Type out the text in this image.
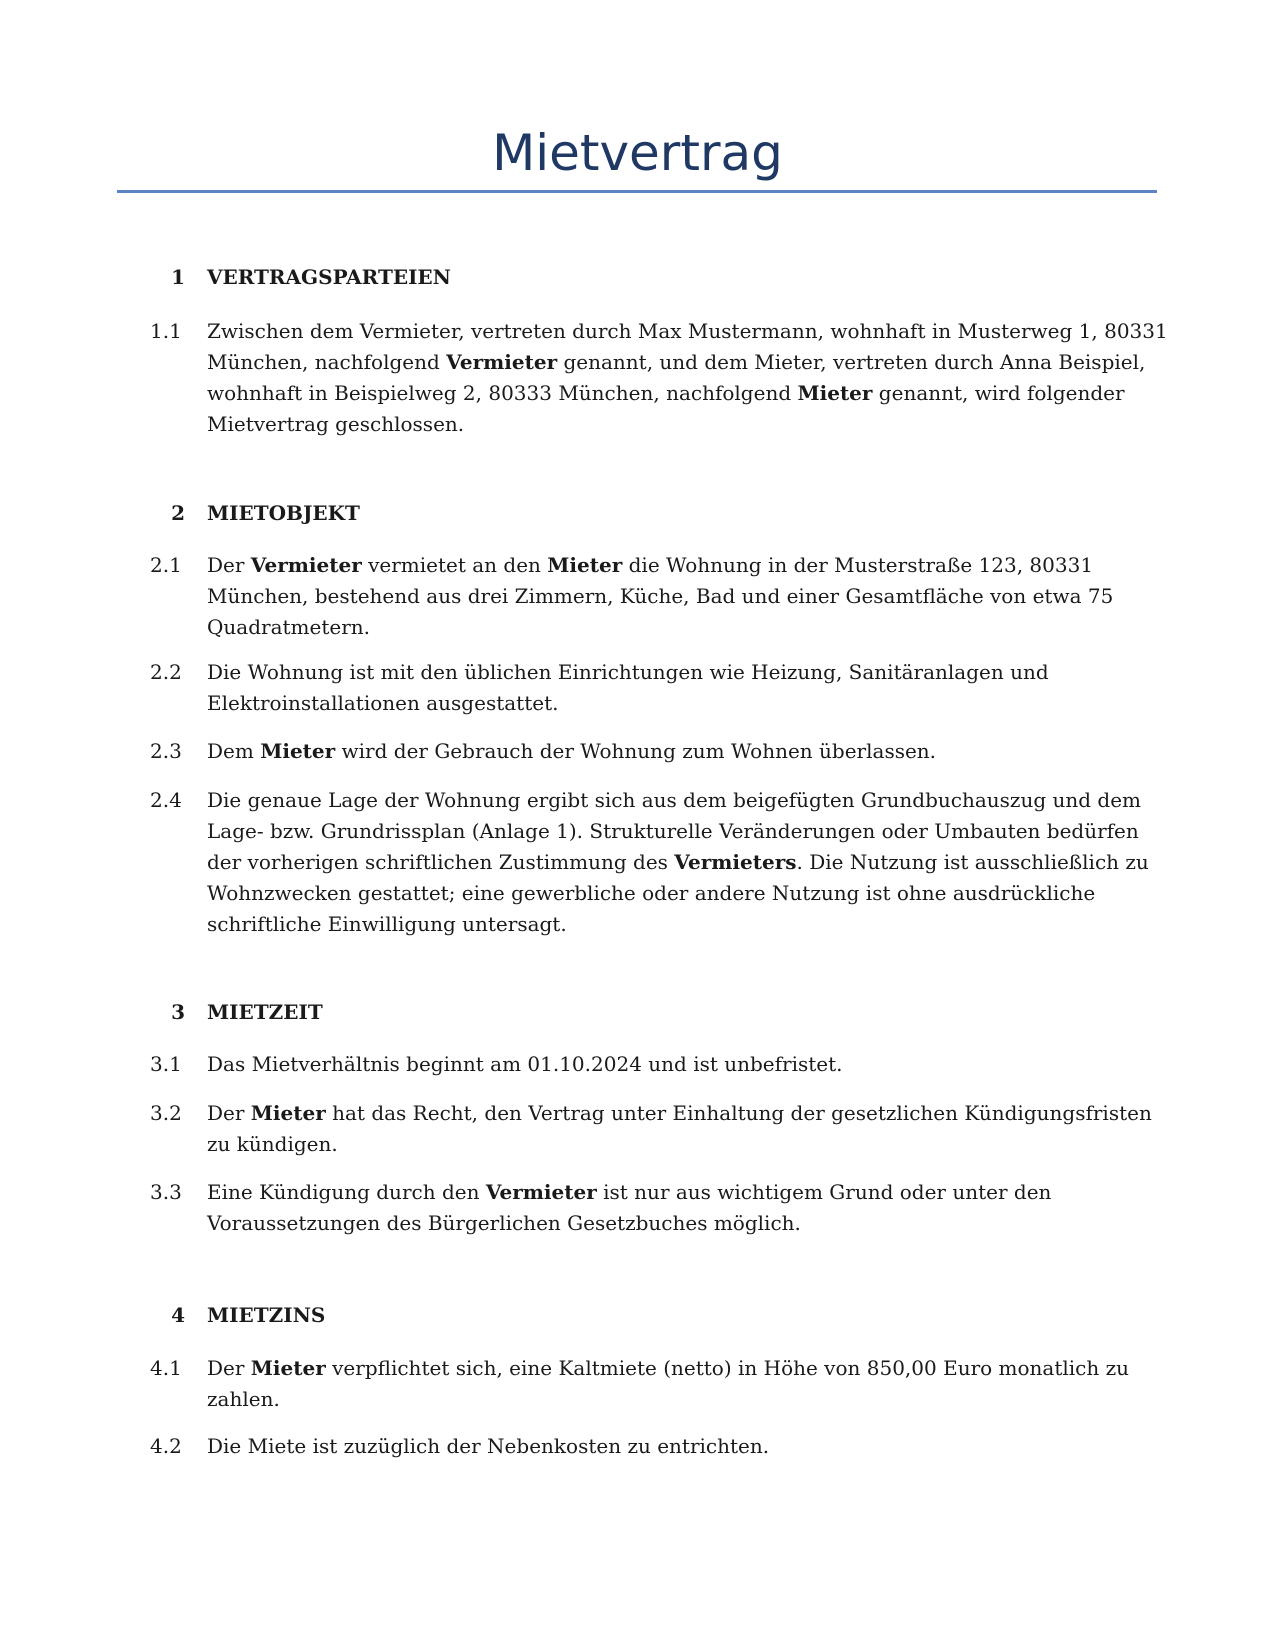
Mietvertrag
1 VERTRAGSPARTEIEN
1.1	Zwischen dem Vermieter, vertreten durch Max Mustermann, wohnhaft in Musterweg 1, 80331
München, nachfolgend Vermieter genannt, und dem Mieter, vertreten durch Anna Beispiel,
wohnhaft in Beispielweg 2, 80333 München, nachfolgend Mieter genannt, wird folgender
Mietvertrag geschlossen.
2 MIETOBJEKT
2.1	Der Vermieter vermietet an den Mieter die Wohnung in der Musterstraße 123, 80331
München, bestehend aus drei Zimmern, Küche, Bad und einer Gesamtfläche von etwa 75
Quadratmetern.
2.2	Die Wohnung ist mit den üblichen Einrichtungen wie Heizung, Sanitäranlagen und
Elektroinstallationen ausgestattet.
2.3	Dem Mieter wird der Gebrauch der Wohnung zum Wohnen überlassen.
2.4	Die genaue Lage der Wohnung ergibt sich aus dem beigefügten Grundbuchauszug und dem
Lage- bzw. Grundrissplan (Anlage 1). Strukturelle Veränderungen oder Umbauten bedürfen
der vorherigen schriftlichen Zustimmung des Vermieters. Die Nutzung ist ausschließlich zu
Wohnzwecken gestattet; eine gewerbliche oder andere Nutzung ist ohne ausdrückliche
schriftliche Einwilligung untersagt.
3 MIETZEIT
3.1	Das Mietverhältnis beginnt am 01.10.2024 und ist unbefristet.
3.2	Der Mieter hat das Recht, den Vertrag unter Einhaltung der gesetzlichen Kündigungsfristen
zu kündigen.
3.3	Eine Kündigung durch den Vermieter ist nur aus wichtigem Grund oder unter den
Voraussetzungen des Bürgerlichen Gesetzbuches möglich.
4 MIETZINS
4.1	Der Mieter verpflichtet sich, eine Kaltmiete (netto) in Höhe von 850,00 Euro monatlich zu
zahlen.
4.2	Die Miete ist zuzüglich der Nebenkosten zu entrichten.
